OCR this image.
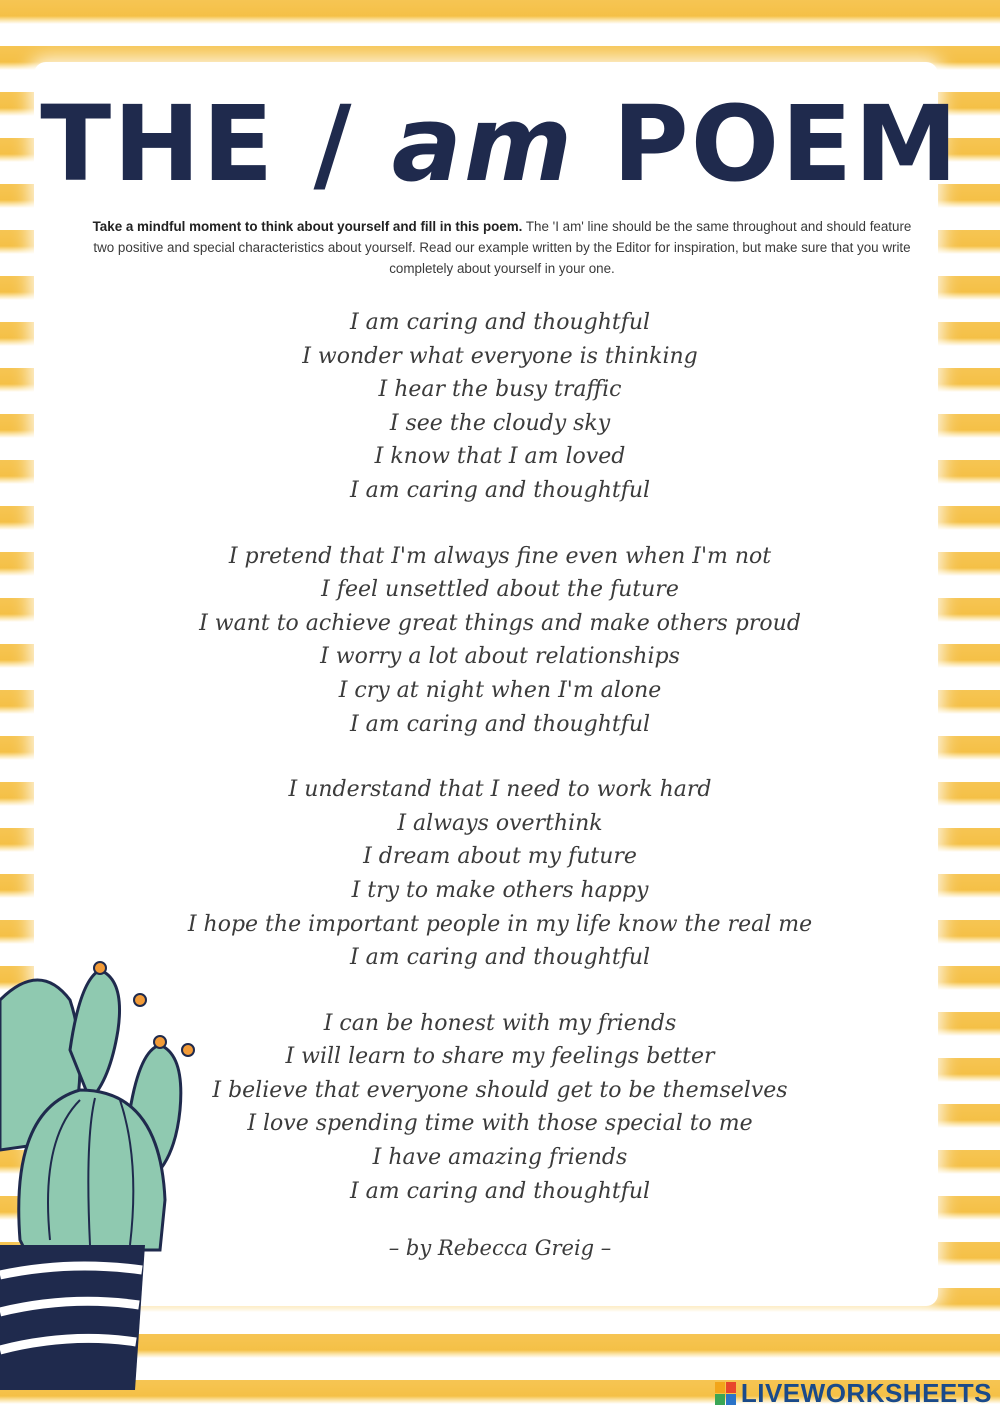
THE / am POEM
Take a mindful moment to think about yourself and fill in this poem. The 'I am' line should be the same throughout and should feature two positive and special characteristics about yourself. Read our example written by the Editor for inspiration, but make sure that you write completely about yourself in your one.
I am caring and thoughtful
I wonder what everyone is thinking
I hear the busy traffic
I see the cloudy sky
I know that I am loved
I am caring and thoughtful
I pretend that I'm always fine even when I'm not
I feel unsettled about the future
I want to achieve great things and make others proud
I worry a lot about relationships
I cry at night when I'm alone
I am caring and thoughtful
I understand that I need to work hard
I always overthink
I dream about my future
I try to make others happy
I hope the important people in my life know the real me
I am caring and thoughtful
I can be honest with my friends
I will learn to share my feelings better
I believe that everyone should get to be themselves
I love spending time with those special to me
I have amazing friends
I am caring and thoughtful
– by Rebecca Greig –
LIVEWORKSHEETS
